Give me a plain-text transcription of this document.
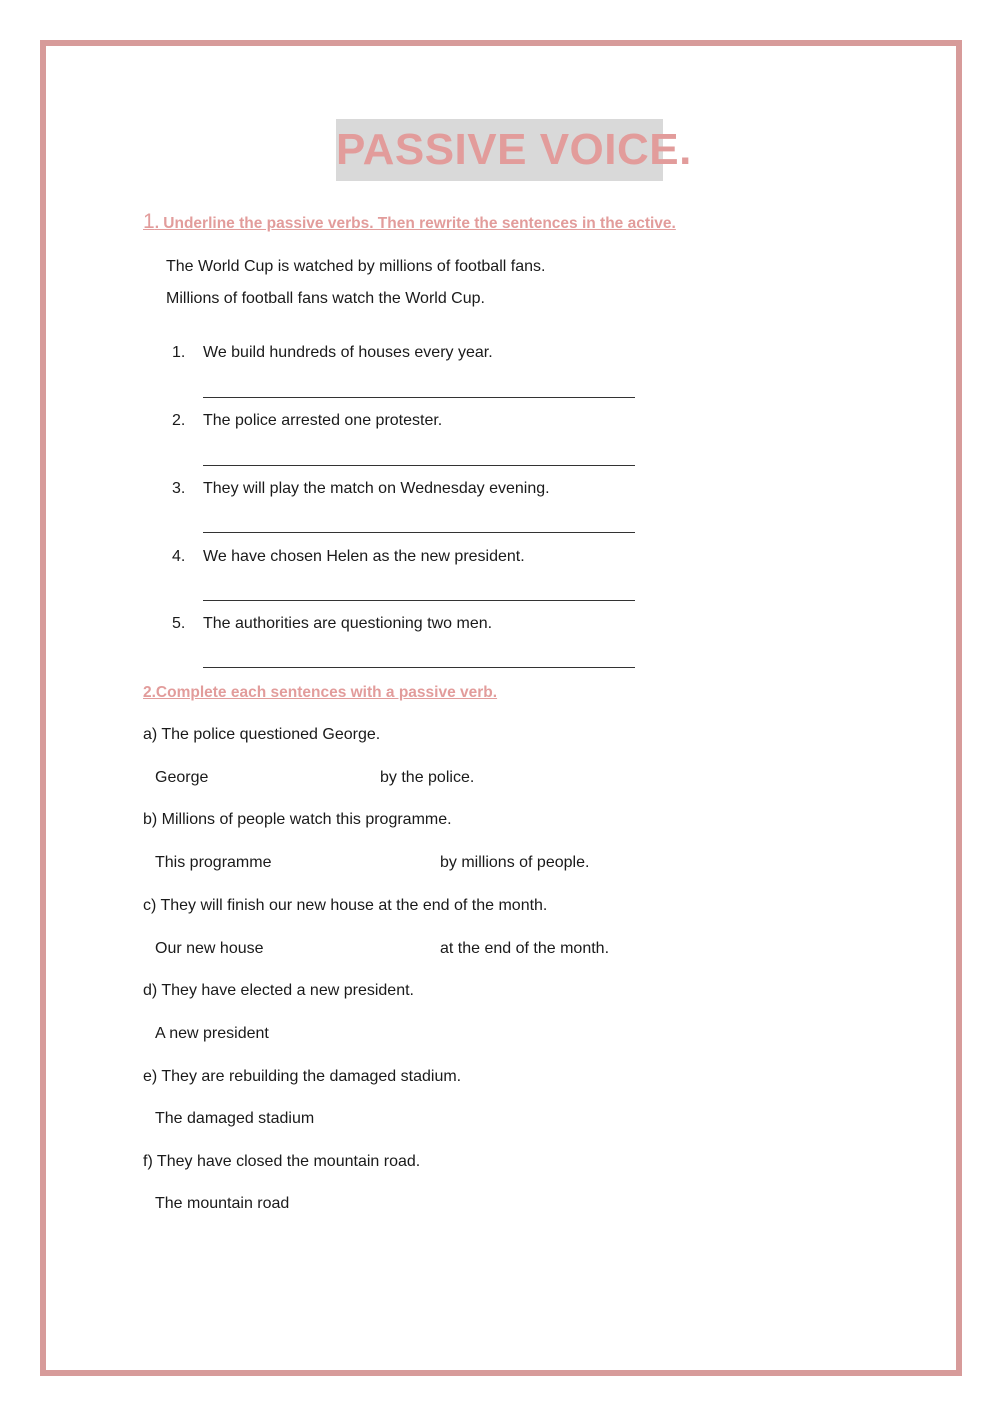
PASSIVE VOICE.
1. Underline the passive verbs. Then rewrite the sentences in the active.
The World Cup is watched by millions of football fans.
Millions of football fans watch the World Cup.
1. We build hundreds of houses every year.
2. The police arrested one protester.
3. They will play the match on Wednesday evening.
4. We have chosen Helen as the new president.
5. The authorities are questioning two men.
2.Complete each sentences with a passive verb.
a) The police questioned George.
George	by the police.
b) Millions of people watch this programme.
This programme	by millions of people.
c) They will finish our new house at the end of the month.
Our new house	at the end of the month.
d) They have elected a new president.
A new president
e) They are rebuilding the damaged stadium.
The damaged stadium
f) They have closed the mountain road.
The mountain road
